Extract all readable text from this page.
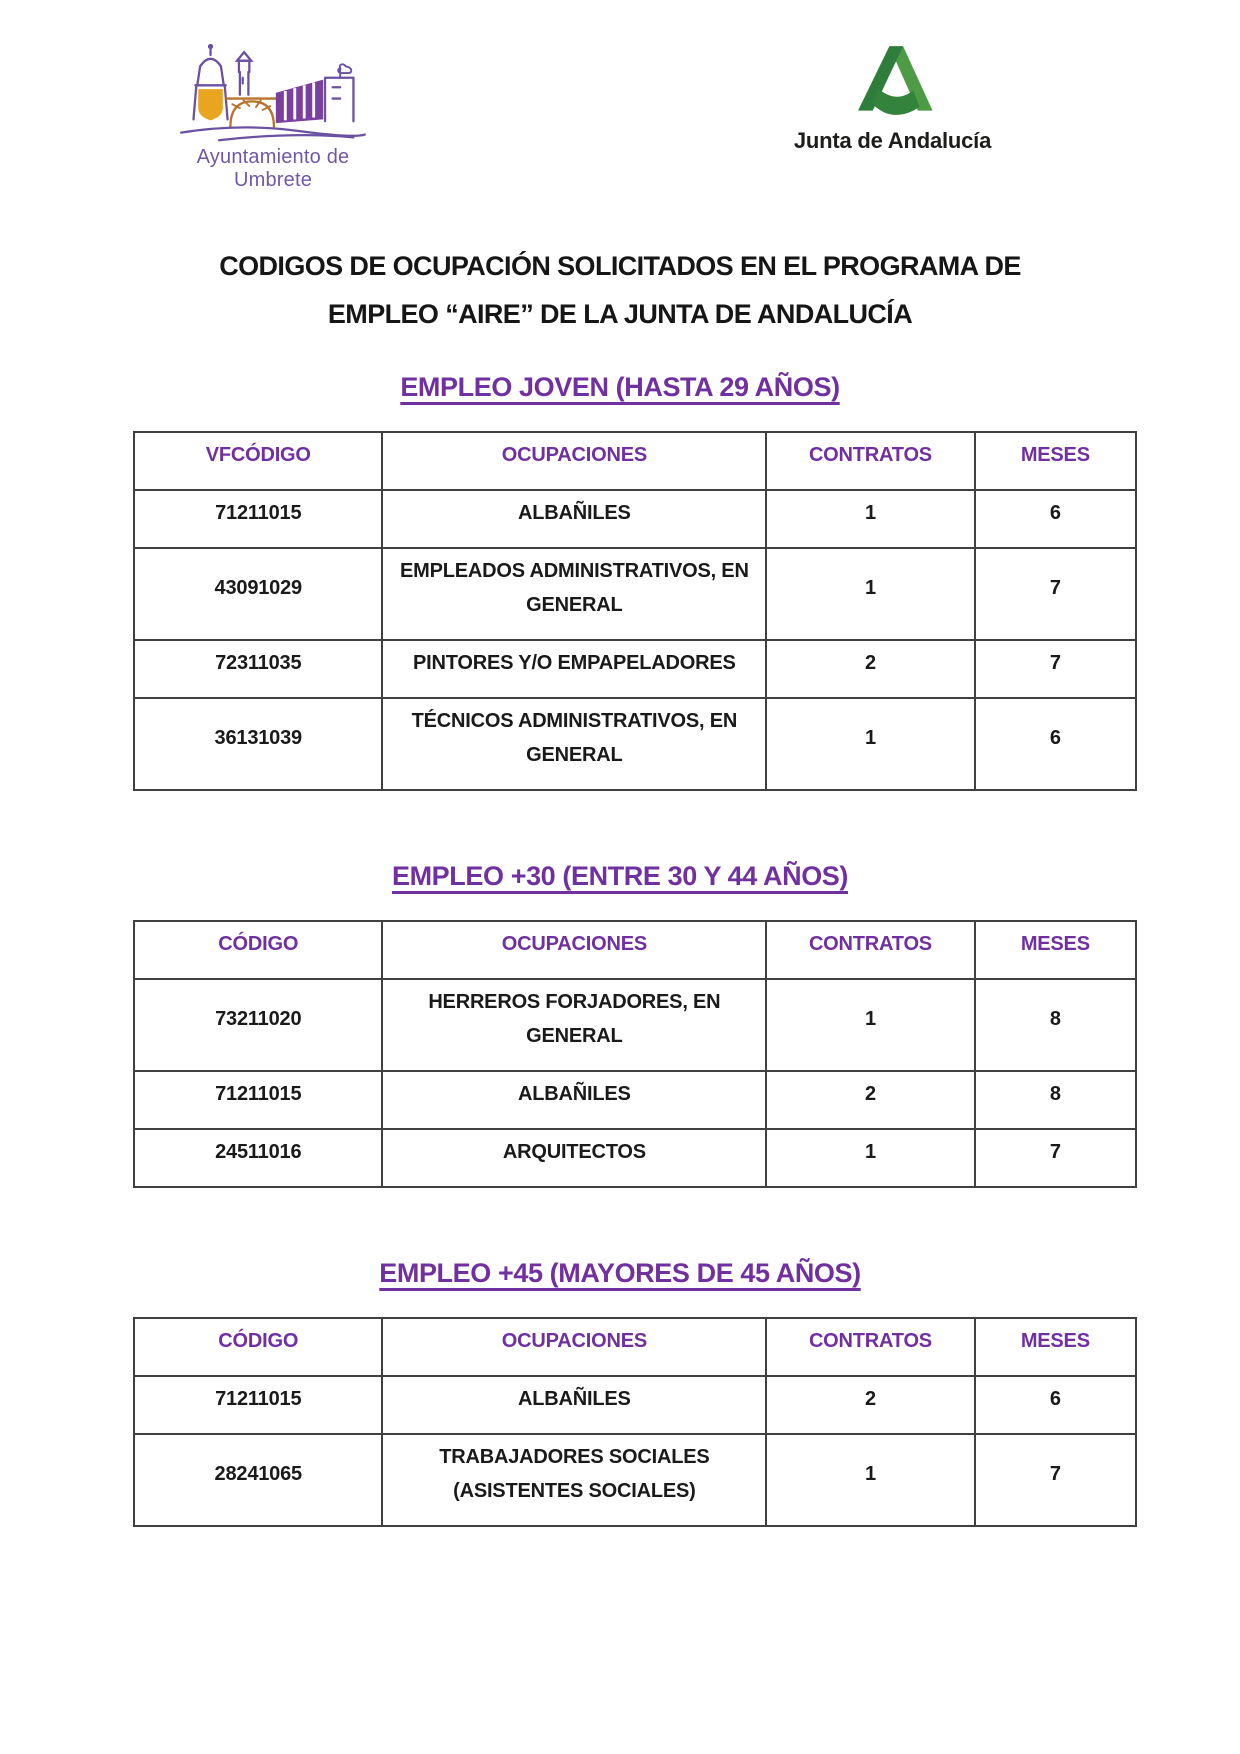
Ayuntamiento de Umbrete
Junta de Andalucía
CODIGOS DE OCUPACIÓN SOLICITADOS EN EL PROGRAMA DE
EMPLEO “AIRE” DE LA JUNTA DE ANDALUCÍA
EMPLEO JOVEN (HASTA 29 AÑOS)
VFCÓDIGO	OCUPACIONES	CONTRATOS	MESES
71211015	ALBAÑILES	1	6
43091029	EMPLEADOS ADMINISTRATIVOS, EN GENERAL	1	7
72311035	PINTORES Y/O EMPAPELADORES	2	7
36131039	TÉCNICOS ADMINISTRATIVOS, EN GENERAL	1	6
EMPLEO +30 (ENTRE 30 Y 44 AÑOS)
CÓDIGO	OCUPACIONES	CONTRATOS	MESES
73211020	HERREROS FORJADORES, EN GENERAL	1	8
71211015	ALBAÑILES	2	8
24511016	ARQUITECTOS	1	7
EMPLEO +45 (MAYORES DE 45 AÑOS)
CÓDIGO	OCUPACIONES	CONTRATOS	MESES
71211015	ALBAÑILES	2	6
28241065	TRABAJADORES SOCIALES (ASISTENTES SOCIALES)	1	7
